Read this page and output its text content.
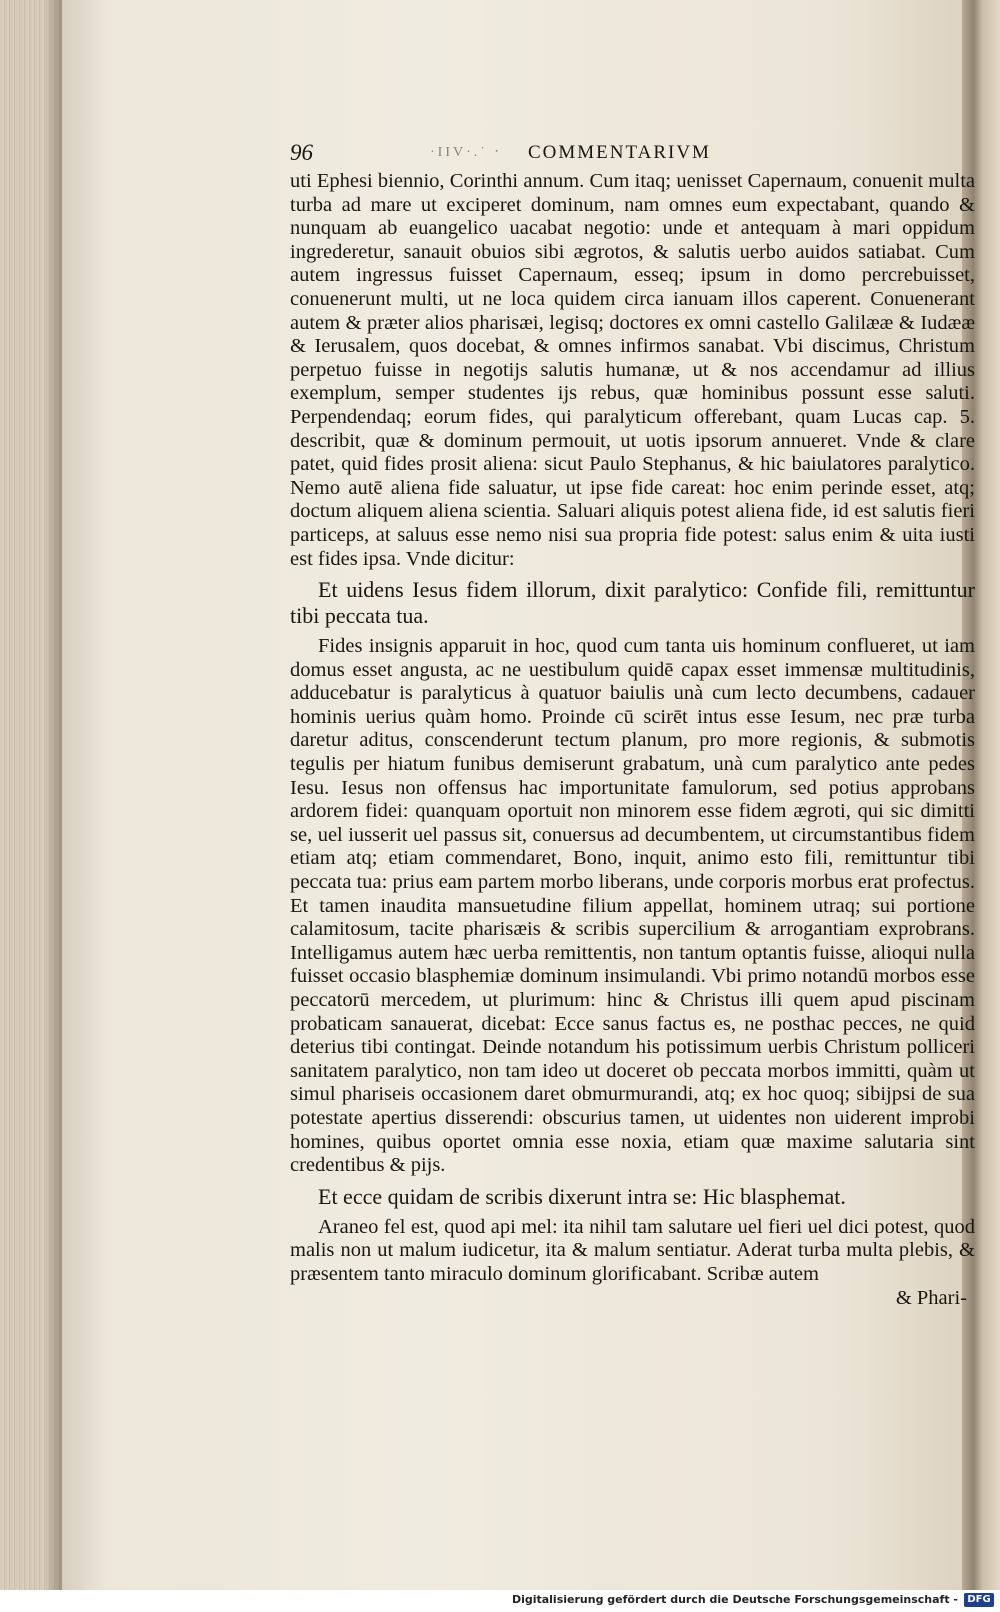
96	·IIV·.˙ ‧ COMMENTARIVM

uti Ephesi biennio, Corinthi annum. Cum itaq; uenisset Capernaum, conuenit multa turba ad mare ut exciperet dominum, nam omnes eum expectabant, quando & nunquam ab euangelico uacabat negotio: unde et antequam à mari oppidum ingrederetur, sanauit obuios sibi ægrotos, & salutis uerbo auidos satiabat. Cum autem ingressus fuisset Capernaum, esseq; ipsum in domo percrebuisset, conuenerunt multi, ut ne loca quidem circa ianuam illos caperent. Conuenerant autem & præter alios pharisæi, legisq; doctores ex omni castello Galilææ & Iudææ & Ierusalem, quos docebat, & omnes infirmos sanabat. Vbi discimus, Christum perpetuo fuisse in negotijs salutis humanæ, ut & nos accendamur ad illius exemplum, semper studentes ijs rebus, quæ hominibus possunt esse saluti. Perpendendaq; eorum fides, qui paralyticum offerebant, quam Lucas cap. 5. describit, quæ & dominum permouit, ut uotis ipsorum annueret. Vnde & clare patet, quid fides prosit aliena: sicut Paulo Stephanus, & hic baiulatores paralytico. Nemo autē aliena fide saluatur, ut ipse fide careat: hoc enim perinde esset, atq; doctum aliquem aliena scientia. Saluari aliquis potest aliena fide, id est salutis fieri particeps, at saluus esse nemo nisi sua propria fide potest: salus enim & uita iusti est fides ipsa. Vnde dicitur:

Et uidens Iesus fidem illorum, dixit paralytico: Confide fili, remittuntur tibi peccata tua.

Fides insignis apparuit in hoc, quod cum tanta uis hominum conflueret, ut iam domus esset angusta, ac ne uestibulum quidē capax esset immensæ multitudinis, adducebatur is paralyticus à quatuor baiulis unà cum lecto decumbens, cadauer hominis uerius quàm homo. Proinde cū scirēt intus esse Iesum, nec præ turba daretur aditus, conscenderunt tectum planum, pro more regionis, & submotis tegulis per hiatum funibus demiserunt grabatum, unà cum paralytico ante pedes Iesu. Iesus non offensus hac importunitate famulorum, sed potius approbans ardorem fidei: quanquam oportuit non minorem esse fidem ægroti, qui sic dimitti se, uel iusserit uel passus sit, conuersus ad decumbentem, ut circumstantibus fidem etiam atq; etiam commendaret, Bono, inquit, animo esto fili, remittuntur tibi peccata tua: prius eam partem morbo liberans, unde corporis morbus erat profectus. Et tamen inaudita mansuetudine filium appellat, hominem utraq; sui portione calamitosum, tacite pharisæis & scribis supercilium & arrogantiam exprobrans. Intelligamus autem hæc uerba remittentis, non tantum optantis fuisse, alioqui nulla fuisset occasio blasphemiæ dominum insimulandi. Vbi primo notandū morbos esse peccatorū mercedem, ut plurimum: hinc & Christus illi quem apud piscinam probaticam sanauerat, dicebat: Ecce sanus factus es, ne posthac pecces, ne quid deterius tibi contingat. Deinde notandum his potissimum uerbis Christum polliceri sanitatem paralytico, non tam ideo ut doceret ob peccata morbos immitti, quàm ut simul phariseis occasionem daret obmurmurandi, atq; ex hoc quoq; sibijpsi de sua potestate apertius disserendi: obscurius tamen, ut uidentes non uiderent improbi homines, quibus oportet omnia esse noxia, etiam quæ maxime salutaria sint credentibus & pijs.

Et ecce quidam de scribis dixerunt intra se: Hic blasphemat.

Araneo fel est, quod api mel: ita nihil tam salutare uel fieri uel dici potest, quod malis non ut malum iudicetur, ita & malum sentiatur. Aderat turba multa plebis, & præsentem tanto miraculo dominum glorificabant. Scribæ autem

& Phari-

Digitalisierung gefördert durch die Deutsche Forschungsgemeinschaft - DFG
